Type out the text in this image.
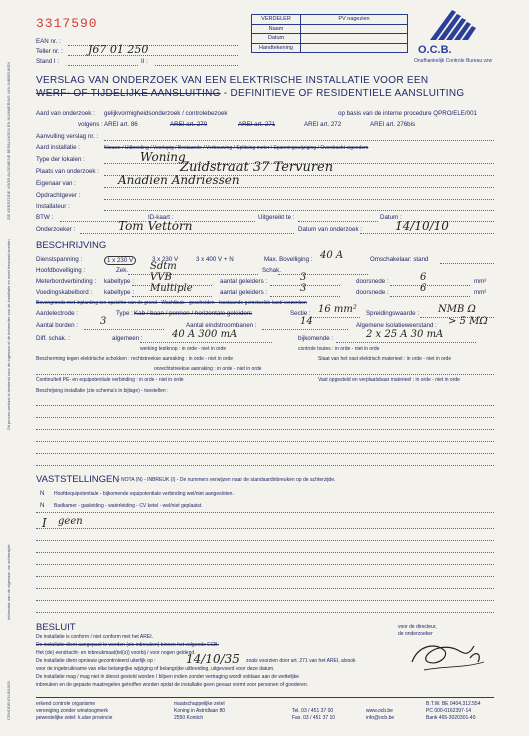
ZIE KEERZIJDE VOOR ALGEMENE BEPALINGEN EN NUMMERING VAN INBREUKEN
Dit proces-verbaal is bestemd voor de eigenaar of de beheerder van de installatie en moet bewaard worden
Informatie aan de eigenaar: zie achterzijde
CRNOOR-EN-B/1003
3317590
EAN nr. :
Teller nr. : J67 01 250
Stand I :	II :
VERDELER	PV nagezien
Naam	
Datum	
Handtekening		O.C.B.
Onafhankelijk Controle Bureau vzw
VERSLAG VAN ONDERZOEK VAN EEN ELEKTRISCHE INSTALLATIE VOOR EEN
WERF- OF TIJDELIJKE AANSLUITING - DEFINITIEVE OF RESIDENTIELE AANSLUITING
Aard van onderzoek : gelijkvormigheidsonderzoek / controlebezoek	op basis van de interne procedure QPRO/ELE/001
volgens : AREI art. 86	AREI art. 270	AREI art. 271	AREI art. 272	AREI art. 276bis
Aanvulling verslag nr. :
Aard installatie :	Nieuwe / Uitbreiding / Voorlopig / Bestaande / Verbouwing / Splitsing meter / Spanningswijziging / Overdracht eigendom
Type der lokalen :	Woning
Plaats van onderzoek :	Zuidstraat 37 Tervuren
Eigenaar van :	Anadien Andriessen
Opdrachtgever :
Installateur :
BTW :	ID-kaart :	Uitgereikt te :	Datum :
Onderzoeker :	Tom Vettorn	Datum van onderzoek :	14/10/10
BESCHRIJVING
Dienstspanning :	1 x 230 V	3 x 230 V	3 x 400 V + N	Max. Bovelliging : 40 A	Omschakelaar: stand
Hoofdbovelliging :	Zek. Sdtm	Schak.
Meterbordverbinding : kabeltype : VVB	aantal geleiders :	3	doorsnede :	6	mm²
Voedingskabelbord : kabeltype : Multiple	aantal geleiders :	3	doorsnede :	6	mm²
Bovengronds met inplanting ten opzichte van de grond - Wachtbuis - gescheiden - losstaande gemetselde kast/ verzonken
Aardelectrode :	Type : Kab / baan / pennen / horizontale geleiders	Sectie : 16 mm² Spreidingswaarde : NMB Ω
Aantal borden : 3	Aantal eindstroombanen :	14	Algemene isolatieweerstand : > 5 MΩ
Diff. schak. :	algemeen :	40 A 300 mA	bijkomende :	2 x 25 A 30 mA
werking testknop : in orde - niet in orde	controle toutes : in orde - niet in orde
Bescherming tegen elektrische schokken : rechtstreekse aanraking : in orde - niet in orde	Staat van het vast elektrisch materieel : in orde - niet in orde
onrechtstreekse aanraking : in orde - niet in orde
Continuïteit PE- en equipotentiale verbinding : in orde - niet in orde	Vast opgesteld en verplaatsbaar materieel : in orde - niet in orde
Beschrijving installatie (zie schema's in bijlage) - toestellen :
VASTSTELLINGEN
- NOTA (N) - INBREUK (I) - De nummers verwijzen naar de standaardinbreuken op de achterzijde.
N Hoofdequipotentiale - bijkomende equipotentiale verbinding wel/niet aangesloten.
N Badkamer - gasleiding - waterleiding - CV ketel - wel/niet geplaatst.
I geen
BESLUIT
De installatie is conform / niet conform met het AREI.
De installatie dient aangepast te worden (zie inbreuken) binnen het volgende ECB.
Het (de) eendracht- en inbreukmaat(tel(s)) voorbij / voor nogen geldend.
De installatie dient opnieuw gecontroleerd uiterlijk op :	14/10/35 zoals voorzien door art. 271 van het AREI, alsook
voor de ingebruikname van elke belangrijke wijziging of belangrijke uitbreiding, uitgevoerd voor deze datum.
De installatie mag / mag niet in dienst gesteld worden / blijven indien zonder vertraging wordt voldaan aan de wettelijke
inbreuken en de gepaste maatregelen getroffen worden opdat de installatie geen gevaar vormt voor personen of goederen.
voor de directeur,
de onderzoeker
erkend controle organisme
vereniging zonder winstoogmerk
pewestelijke zetel: k.alse provincie
maatschappelijke zetel
Koning in Astridlaan 80
2550 Kontich
Tel. 03 / 451 37 00
Fax. 03 / 451 37 10
www.ocb.be
info@ocb.be
B.T.W. BE 0404.312.554
PC 000-0162397-14
Bank 465-3020301-40
